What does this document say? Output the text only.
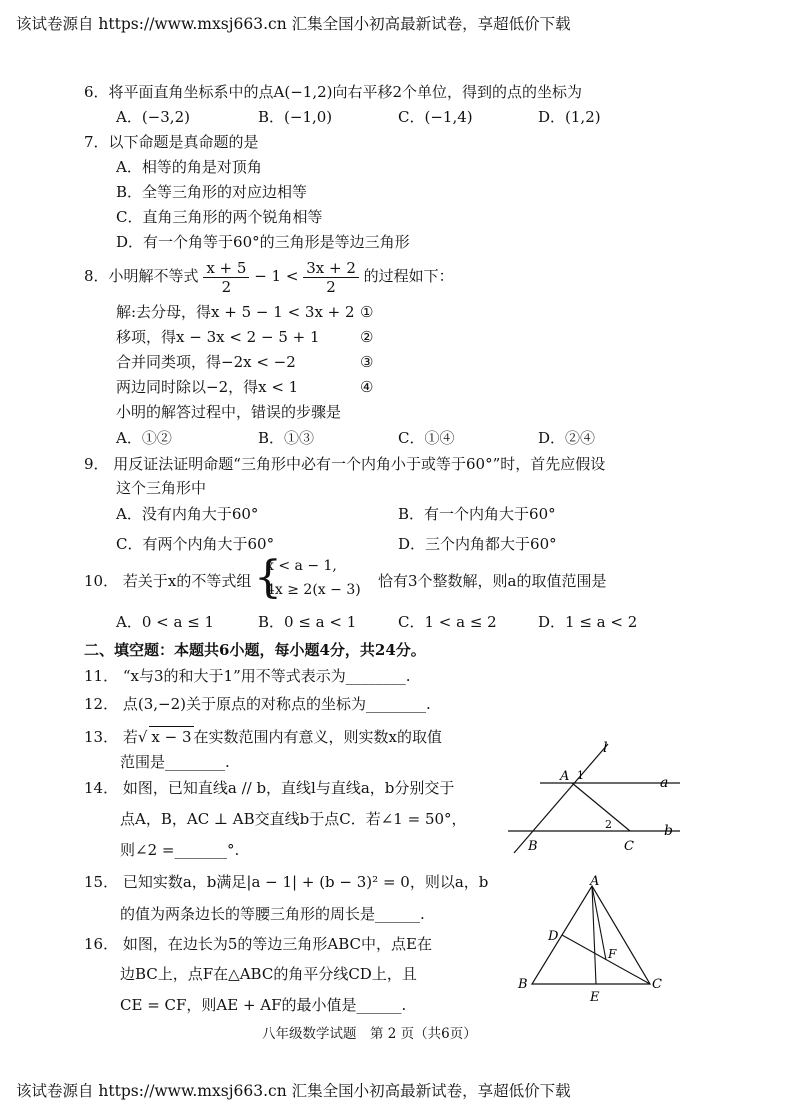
该试卷源自 https://www.mxsj663.cn 汇集全国小初高最新试卷，享超低价下载
6．将平面直角坐标系中的点A(−1,2)向右平移2个单位，得到的点的坐标为
A．(−3,2)	B．(−1,0)	C．(−1,4)	D．(1,2)
7．以下命题是真命题的是
A．相等的角是对顶角
B．全等三角形的对应边相等
C．直角三角形的两个锐角相等
D．有一个角等于60°的三角形是等边三角形
8．小明解不等式 $\frac{x + 5}{2} - 1 < \frac{3x + 2}{2}$ 的过程如下：
解:去分母，得x + 5 − 1 < 3x + 2 ①
移项，得x − 3x < 2 − 5 + 1	②
合并同类项，得−2x < −2	③
两边同时除以−2，得x < 1	④
小明的解答过程中，错误的步骤是
A．①②	B．①③	C．①④	D．②④
9． 用反证法证明命题“三角形中必有一个内角小于或等于60°”时，首先应假设
这个三角形中
A．没有内角大于60°	B．有一个内角大于60°
C．有两个内角大于60°	D．三个内角都大于60°
10． 若关于x的不等式组 {
x < a − 1,
4x ≥ 2(x − 3) 恰有3个整数解，则a的取值范围是
A．0 < a ≤ 1	B．0 ≤ a < 1	C．1 < a ≤ 2	D．1 ≤ a < 2
二、填空题：本题共6小题，每小题4分，共24分。
11． “x与3的和大于1”用不等式表示为________.
12． 点(3,−2)关于原点的对称点的坐标为________.
13． 若√ x − 3 在实数范围内有意义，则实数x的取值
范围是________.
14． 如图，已知直线a // b，直线l与直线a，b分别交于
点A，B，AC ⊥ AB交直线b于点C．若∠1 = 50°，
则∠2 =_______°.
15． 已知实数a，b满足|a − 1| + (b − 3)² = 0，则以a，b
的值为两条边长的等腰三角形的周长是______.
16． 如图，在边长为5的等边三角形ABC中，点E在
边BC上，点F在△ABC的角平分线CD上，且
CE = CF，则AE + AF的最小值是______.
l
A 1	a
2	b
B	C
A
D
F
B
E
C
八年级数学试题　第 2 页（共6页）
该试卷源自 https://www.mxsj663.cn 汇集全国小初高最新试卷，享超低价下载
